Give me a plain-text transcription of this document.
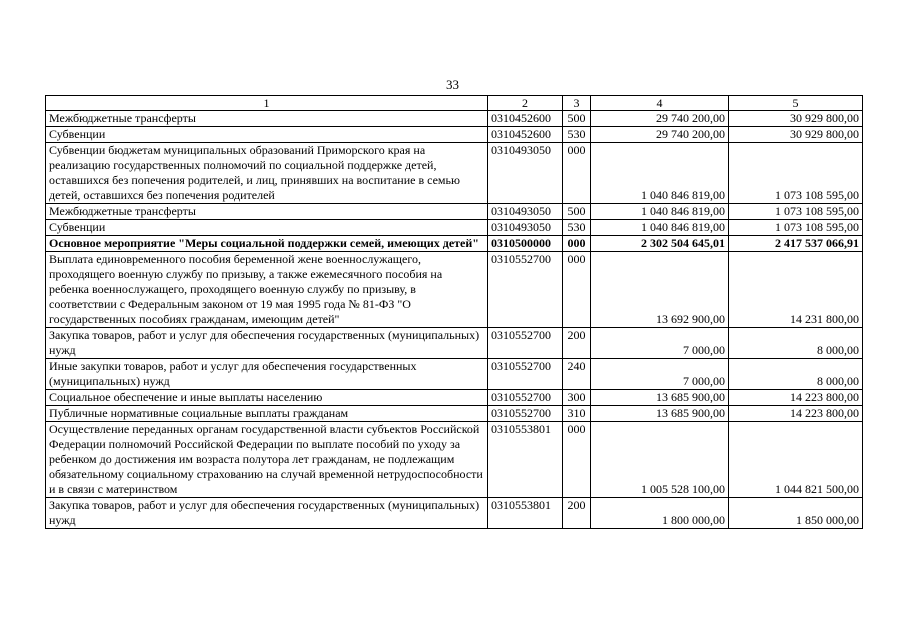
33
1	2	3	4	5
Межбюджетные трансферты	0310452600	500	29 740 200,00	30 929 800,00
Субвенции	0310452600	530	29 740 200,00	30 929 800,00
Субвенции бюджетам муниципальных образований Приморского края на реализацию государственных полномочий по социальной поддержке детей, оставшихся без попечения родителей, и лиц, принявших на воспитание в семью детей, оставшихся без попечения родителей	0310493050	000	1 040 846 819,00	1 073 108 595,00
Межбюджетные трансферты	0310493050	500	1 040 846 819,00	1 073 108 595,00
Субвенции	0310493050	530	1 040 846 819,00	1 073 108 595,00
Основное мероприятие "Меры социальной поддержки семей, имеющих детей"	0310500000	000	2 302 504 645,01	2 417 537 066,91
Выплата единовременного пособия беременной жене военнослужащего, проходящего военную службу по призыву, а также ежемесячного пособия на ребенка военнослужащего, проходящего военную службу по призыву, в соответствии с Федеральным законом от 19 мая 1995 года № 81-ФЗ "О государственных пособиях гражданам, имеющим детей"	0310552700	000	13 692 900,00	14 231 800,00
Закупка товаров, работ и услуг для обеспечения государственных (муниципальных) нужд	0310552700	200	7 000,00	8 000,00
Иные закупки товаров, работ и услуг для обеспечения государственных (муниципальных) нужд	0310552700	240	7 000,00	8 000,00
Социальное обеспечение и иные выплаты населению	0310552700	300	13 685 900,00	14 223 800,00
Публичные нормативные социальные выплаты гражданам	0310552700	310	13 685 900,00	14 223 800,00
Осуществление переданных органам государственной власти субъектов Российской Федерации полномочий Российской Федерации по выплате пособий по уходу за ребенком до достижения им возраста полутора лет гражданам, не подлежащим обязательному социальному страхованию на случай временной нетрудоспособности и в связи с материнством	0310553801	000	1 005 528 100,00	1 044 821 500,00
Закупка товаров, работ и услуг для обеспечения государственных (муниципальных) нужд	0310553801	200	1 800 000,00	1 850 000,00
